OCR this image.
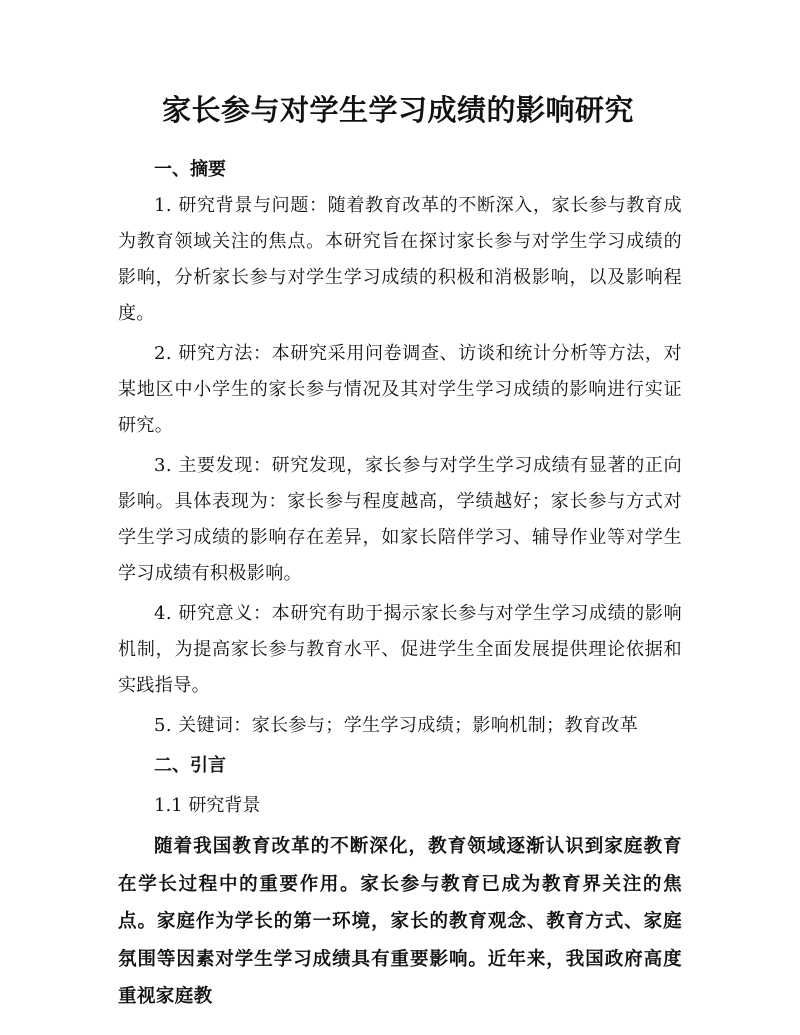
家长参与对学生学习成绩的影响研究
一、摘要

1. 研究背景与问题：随着教育改革的不断深入，家长参与教育成为教育领域关注的焦点。本研究旨在探讨家长参与对学生学习成绩的影响，分析家长参与对学生学习成绩的积极和消极影响，以及影响程度。

2. 研究方法：本研究采用问卷调查、访谈和统计分析等方法，对某地区中小学生的家长参与情况及其对学生学习成绩的影响进行实证研究。

3. 主要发现：研究发现，家长参与对学生学习成绩有显著的正向影响。具体表现为：家长参与程度越高，学绩越好；家长参与方式对学生学习成绩的影响存在差异，如家长陪伴学习、辅导作业等对学生学习成绩有积极影响。

4. 研究意义：本研究有助于揭示家长参与对学生学习成绩的影响机制，为提高家长参与教育水平、促进学生全面发展提供理论依据和实践指导。

5. 关键词：家长参与；学生学习成绩；影响机制；教育改革

二、引言
1.1 研究背景

随着我国教育改革的不断深化，教育领域逐渐认识到家庭教育在学长过程中的重要作用。家长参与教育已成为教育界关注的焦点。家庭作为学长的第一环境，家长的教育观念、教育方式、家庭氛围等因素对学生学习成绩具有重要影响。近年来，我国政府高度重视家庭教
